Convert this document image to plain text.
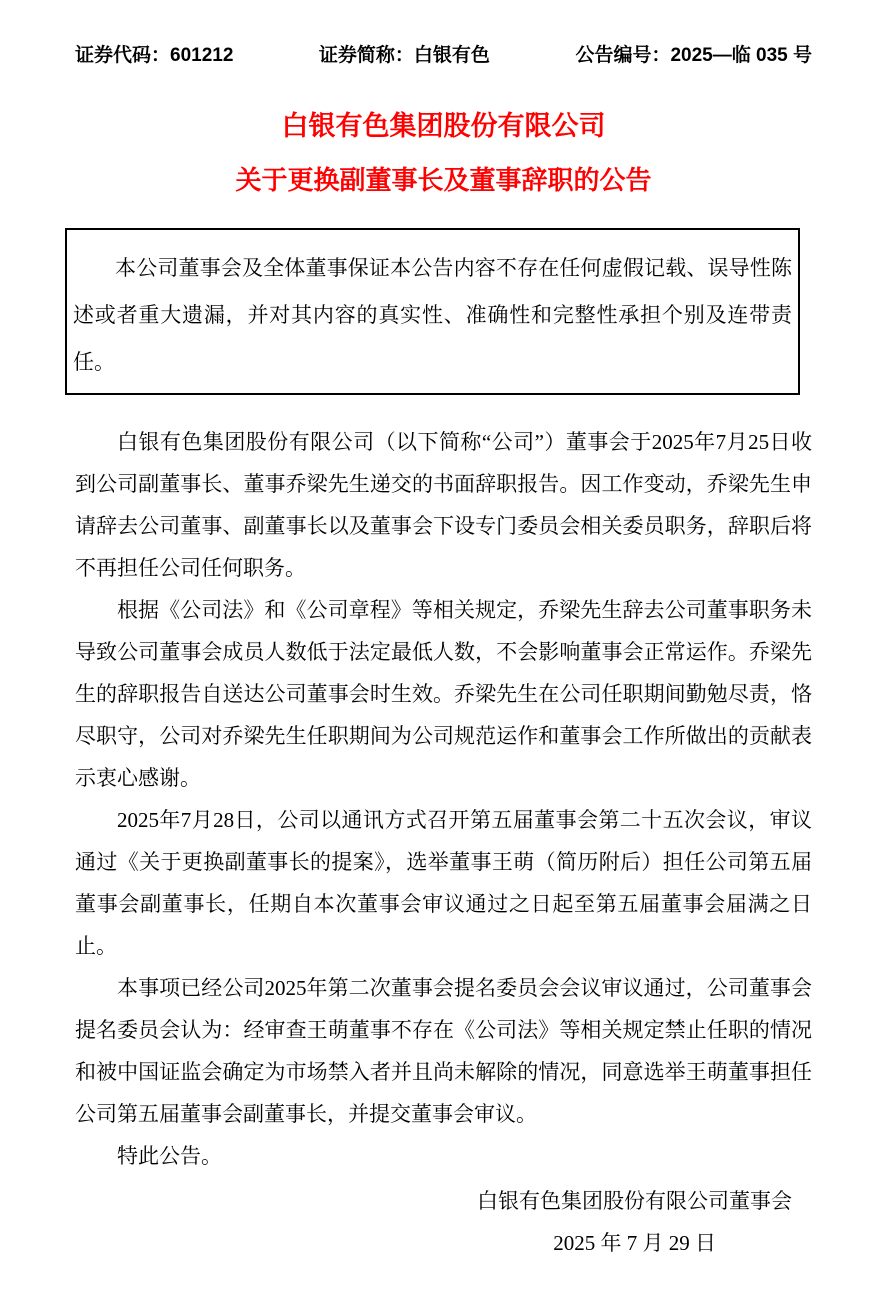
证券代码：601212	证券简称：白银有色	公告编号：2025—临 035 号
白银有色集团股份有限公司
关于更换副董事长及董事辞职的公告
本公司董事会及全体董事保证本公告内容不存在任何虚假记载、误导性陈述或者重大遗漏，并对其内容的真实性、准确性和完整性承担个别及连带责任。

白银有色集团股份有限公司（以下简称“公司”）董事会于2025年7月25日收到公司副董事长、董事乔梁先生递交的书面辞职报告。因工作变动，乔梁先生申请辞去公司董事、副董事长以及董事会下设专门委员会相关委员职务，辞职后将不再担任公司任何职务。

根据《公司法》和《公司章程》等相关规定，乔梁先生辞去公司董事职务未导致公司董事会成员人数低于法定最低人数，不会影响董事会正常运作。乔梁先生的辞职报告自送达公司董事会时生效。乔梁先生在公司任职期间勤勉尽责，恪尽职守，公司对乔梁先生任职期间为公司规范运作和董事会工作所做出的贡献表示衷心感谢。

2025年7月28日，公司以通讯方式召开第五届董事会第二十五次会议，审议通过《关于更换副董事长的提案》，选举董事王萌（简历附后）担任公司第五届董事会副董事长，任期自本次董事会审议通过之日起至第五届董事会届满之日止。

本事项已经公司2025年第二次董事会提名委员会会议审议通过，公司董事会提名委员会认为：经审查王萌董事不存在《公司法》等相关规定禁止任职的情况和被中国证监会确定为市场禁入者并且尚未解除的情况，同意选举王萌董事担任公司第五届董事会副董事长，并提交董事会审议。

特此公告。

白银有色集团股份有限公司董事会
2025 年 7 月 29 日
